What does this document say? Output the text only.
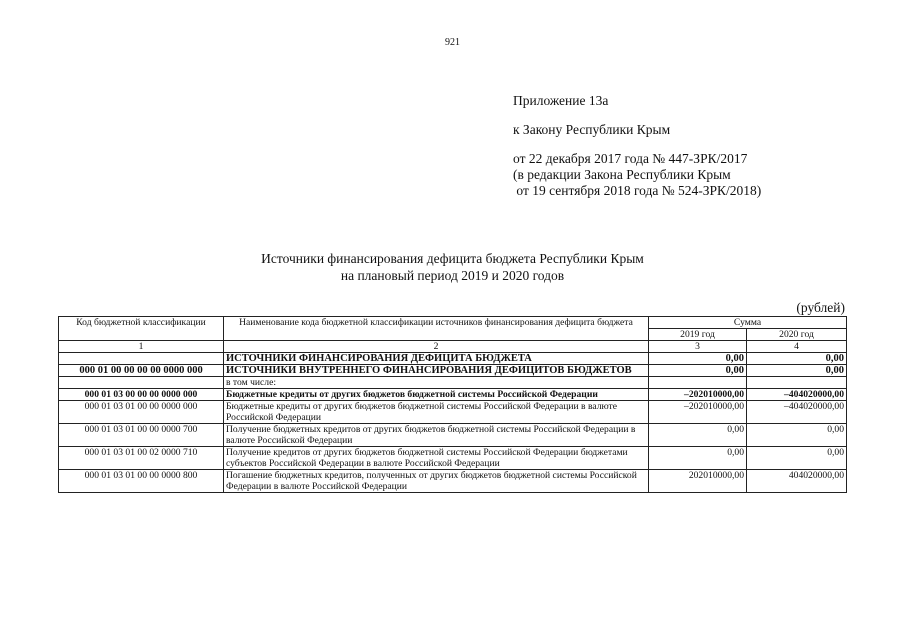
921
Приложение 13а
к Закону Республики Крым
от 22 декабря 2017 года № 447-ЗРК/2017
(в редакции Закона Республики Крым
от 19 сентября 2018 года № 524-ЗРК/2018)
Источники финансирования дефицита бюджета Республики Крым
на плановый период 2019 и 2020 годов
(рублей)
Код бюджетной классификации	Наименование кода бюджетной классификации источников финансирования дефицита бюджета	Сумма	
		2019 год	2020 год
1	2	3	4
	ИСТОЧНИКИ ФИНАНСИРОВАНИЯ ДЕФИЦИТА БЮДЖЕТА	0,00	0,00
000 01 00 00 00 00 0000 000	ИСТОЧНИКИ ВНУТРЕННЕГО ФИНАНСИРОВАНИЯ ДЕФИЦИТОВ БЮДЖЕТОВ	0,00	0,00
	в том числе:		
000 01 03 00 00 00 0000 000	Бюджетные кредиты от других бюджетов бюджетной системы Российской Федерации	–202010000,00	–404020000,00
000 01 03 01 00 00 0000 000	Бюджетные кредиты от других бюджетов бюджетной системы Российской Федерации в валюте Российской Федерации	–202010000,00	–404020000,00
000 01 03 01 00 00 0000 700	Получение бюджетных кредитов от других бюджетов бюджетной системы Российской Федерации в валюте Российской Федерации	0,00	0,00
000 01 03 01 00 02 0000 710	Получение кредитов от других бюджетов бюджетной системы Российской Федерации бюджетами субъектов Российской Федерации в валюте Российской Федерации	0,00	0,00
000 01 03 01 00 00 0000 800	Погашение бюджетных кредитов, полученных от других бюджетов бюджетной системы Российской Федерации в валюте Российской Федерации	202010000,00	404020000,00
